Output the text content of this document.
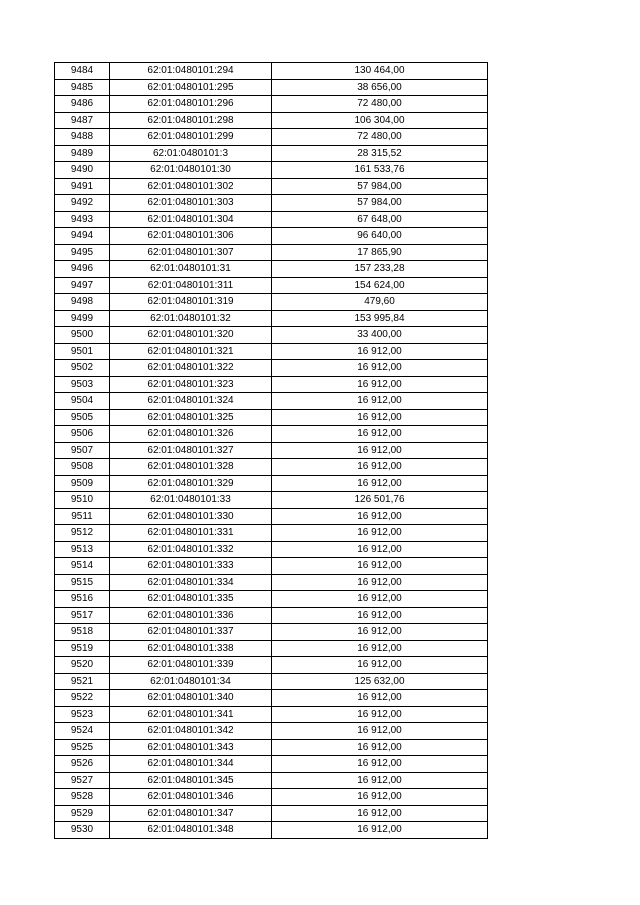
9484	62:01:0480101:294	130 464,00
9485	62:01:0480101:295	38 656,00
9486	62:01:0480101:296	72 480,00
9487	62:01:0480101:298	106 304,00
9488	62:01:0480101:299	72 480,00
9489	62:01:0480101:3	28 315,52
9490	62:01:0480101:30	161 533,76
9491	62:01:0480101:302	57 984,00
9492	62:01:0480101:303	57 984,00
9493	62:01:0480101:304	67 648,00
9494	62:01:0480101:306	96 640,00
9495	62:01:0480101:307	17 865,90
9496	62:01:0480101:31	157 233,28
9497	62:01:0480101:311	154 624,00
9498	62:01:0480101:319	479,60
9499	62:01:0480101:32	153 995,84
9500	62:01:0480101:320	33 400,00
9501	62:01:0480101:321	16 912,00
9502	62:01:0480101:322	16 912,00
9503	62:01:0480101:323	16 912,00
9504	62:01:0480101:324	16 912,00
9505	62:01:0480101:325	16 912,00
9506	62:01:0480101:326	16 912,00
9507	62:01:0480101:327	16 912,00
9508	62:01:0480101:328	16 912,00
9509	62:01:0480101:329	16 912,00
9510	62:01:0480101:33	126 501,76
9511	62:01:0480101:330	16 912,00
9512	62:01:0480101:331	16 912,00
9513	62:01:0480101:332	16 912,00
9514	62:01:0480101:333	16 912,00
9515	62:01:0480101:334	16 912,00
9516	62:01:0480101:335	16 912,00
9517	62:01:0480101:336	16 912,00
9518	62:01:0480101:337	16 912,00
9519	62:01:0480101:338	16 912,00
9520	62:01:0480101:339	16 912,00
9521	62:01:0480101:34	125 632,00
9522	62:01:0480101:340	16 912,00
9523	62:01:0480101:341	16 912,00
9524	62:01:0480101:342	16 912,00
9525	62:01:0480101:343	16 912,00
9526	62:01:0480101:344	16 912,00
9527	62:01:0480101:345	16 912,00
9528	62:01:0480101:346	16 912,00
9529	62:01:0480101:347	16 912,00
9530	62:01:0480101:348	16 912,00
